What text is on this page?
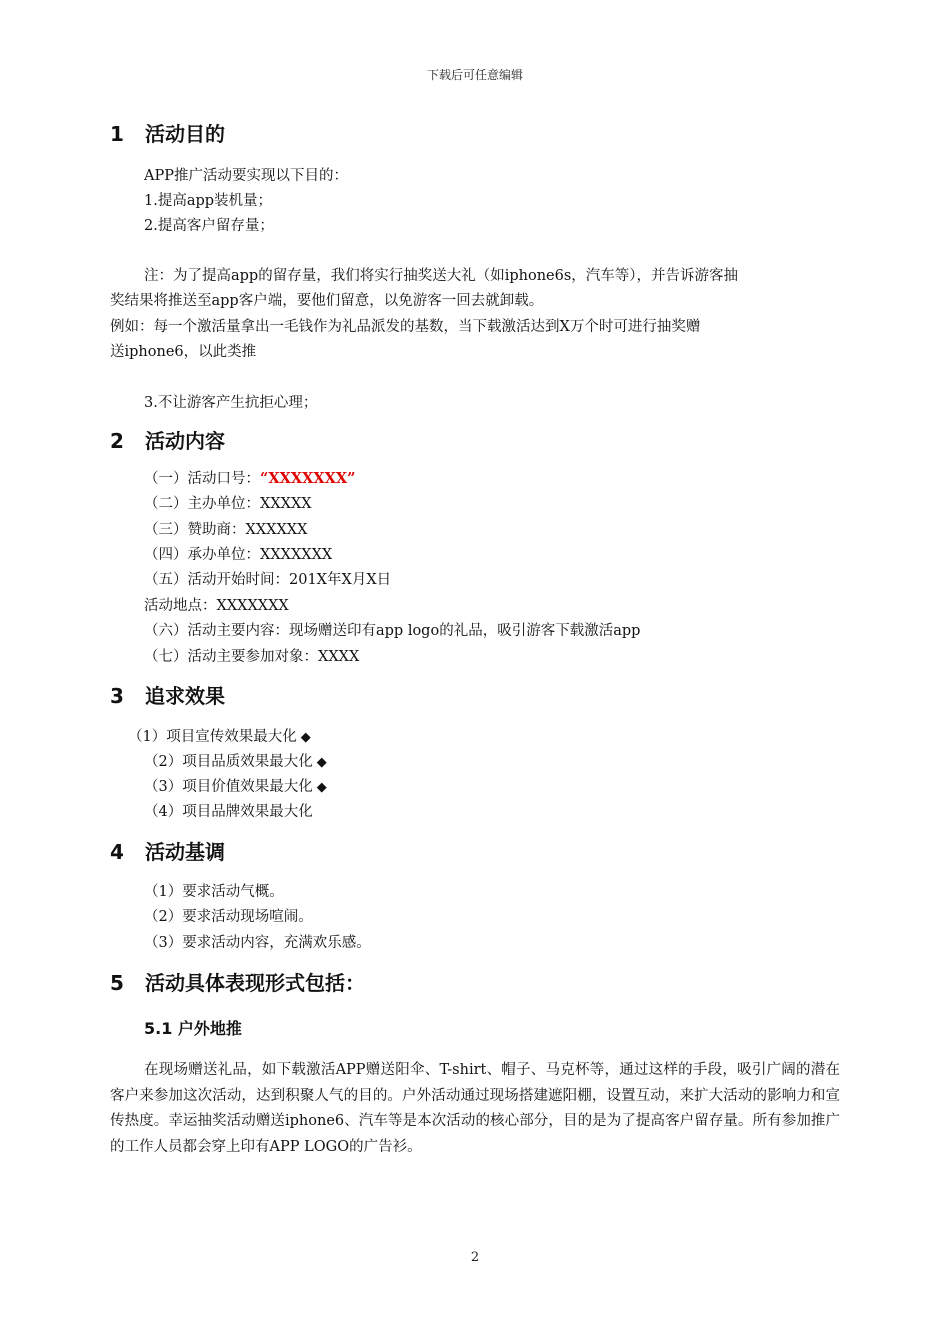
下载后可任意编辑
1 活动目的
APP推广活动要实现以下目的：
1.提高app装机量；
2.提高客户留存量；
注：为了提高app的留存量，我们将实行抽奖送大礼（如iphone6s，汽车等），并告诉游客抽
奖结果将推送至app客户端，要他们留意，以免游客一回去就卸载。
例如：每一个激活量拿出一毛钱作为礼品派发的基数，当下载激活达到X万个时可进行抽奖赠
送iphone6，以此类推
3.不让游客产生抗拒心理；
2 活动内容
（一）活动口号：“XXXXXXX”
（二）主办单位：XXXXX
（三）赞助商：XXXXXX
（四）承办单位：XXXXXXX
（五）活动开始时间：201X年X月X日
活动地点：XXXXXXX
（六）活动主要内容：现场赠送印有app logo的礼品，吸引游客下载激活app
（七）活动主要参加对象：XXXX
3 追求效果
（1）项目宣传效果最大化 ◆
（2）项目品质效果最大化 ◆
（3）项目价值效果最大化 ◆
（4）项目品牌效果最大化
4 活动基调
（1）要求活动气概。
（2）要求活动现场喧闹。
（3）要求活动内容，充满欢乐感。
5 活动具体表现形式包括：
5.1 户外地推
在现场赠送礼品，如下载激活APP赠送阳伞、T-shirt、帽子、马克杯等，通过这样的手段，吸引广阔的潜在客户来参加这次活动，达到积聚人气的目的。户外活动通过现场搭建遮阳棚，设置互动，来扩大活动的影响力和宣传热度。幸运抽奖活动赠送iphone6、汽车等是本次活动的核心部分，目的是为了提高客户留存量。所有参加推广的工作人员都会穿上印有APP LOGO的广告衫。
2
